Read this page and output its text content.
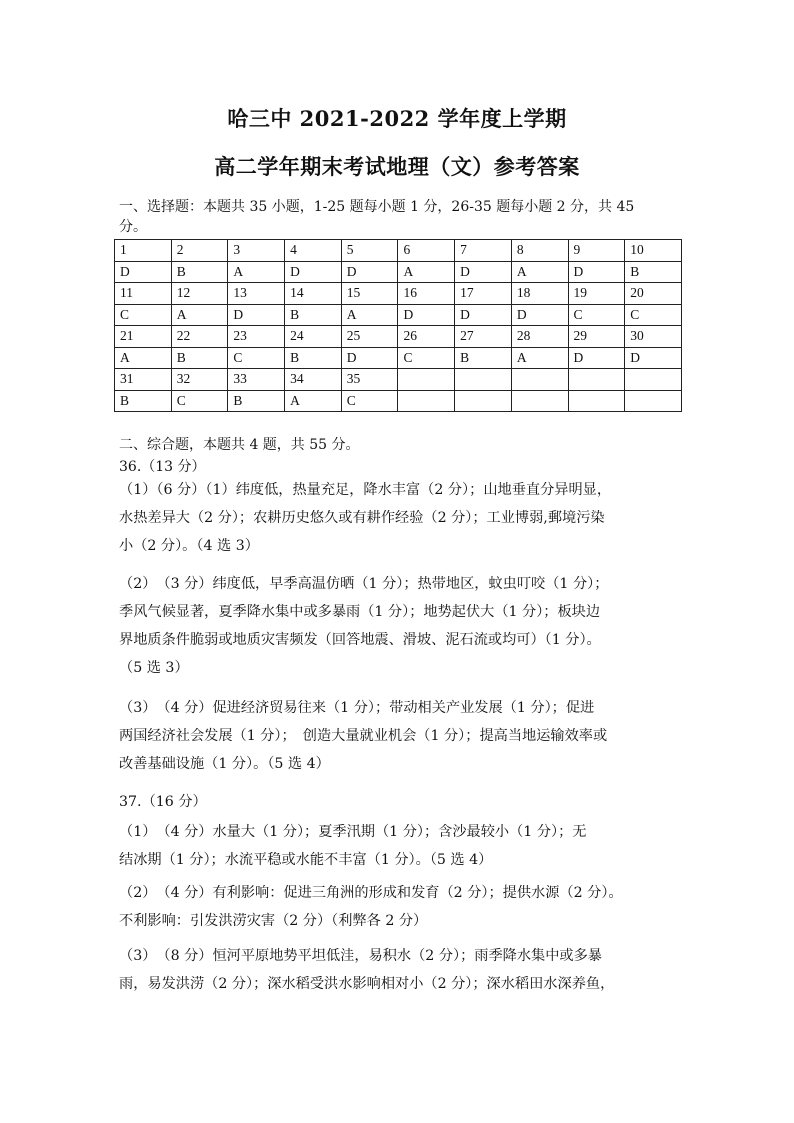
哈三中 2021-2022 学年度上学期
高二学年期末考试地理（文）参考答案
一、选择题：本题共 35 小题，1-25 题每小题 1 分，26-35 题每小题 2 分，共 45
分。
1	2	3	4	5	6	7	8	9	10
D	B	A	D	D	A	D	A	D	B
11	12	13	14	15	16	17	18	19	20
C	A	D	B	A	D	D	D	C	C
21	22	23	24	25	26	27	28	29	30
A	B	C	B	D	C	B	A	D	D
31	32	33	34	35					
B	C	B	A	C					
二、综合题，本题共 4 题，共 55 分。
36.（13 分）
（1）（6 分）（1）纬度低，热量充足，降水丰富（2 分）；山地垂直分异明显，
水热差异大（2 分）；农耕历史悠久或有耕作经验（2 分）；工业博弱,郵境污染
小（2 分）。（4 选 3）
（2）　（3 分）纬度低，早季高温仿晒（1 分）；热带地区，蚊虫叮咬（1 分）；
季风气候显著，夏季降水集中或多暴雨（1 分）；地势起伏大（1 分）；板块边
界地质条件脆弱或地质灾害频发（回答地震、滑坡、泥石流或均可）（1 分）。
（5 选 3）
（3）　（4 分）促进经济贸易往来（1 分）；带动相关产业发展（1 分）；促进
两国经济社会发展（1 分）；　创造大量就业机会（1 分）；提高当地运输效率或
改善基础设施（1 分）。（5 选 4）
37.（16 分）
（1）　（4 分）水量大（1 分）；夏季汛期（1 分）；含沙最较小（1 分）；无
结冰期（1 分）；水流平稳或水能不丰富（1 分）。（5 选 4）
（2）　（4 分）有利影响：促进三角洲的形成和发育（2 分）；提供水源（2 分）。
不利影响：引发洪涝灾害（2 分）（利弊各 2 分）
（3）　（8 分）恒河平原地势平坦低洼，易积水（2 分）；雨季降水集中或多暴
雨，易发洪涝（2 分）；深水稻受洪水影响相对小（2 分）；深水稻田水深养鱼，
